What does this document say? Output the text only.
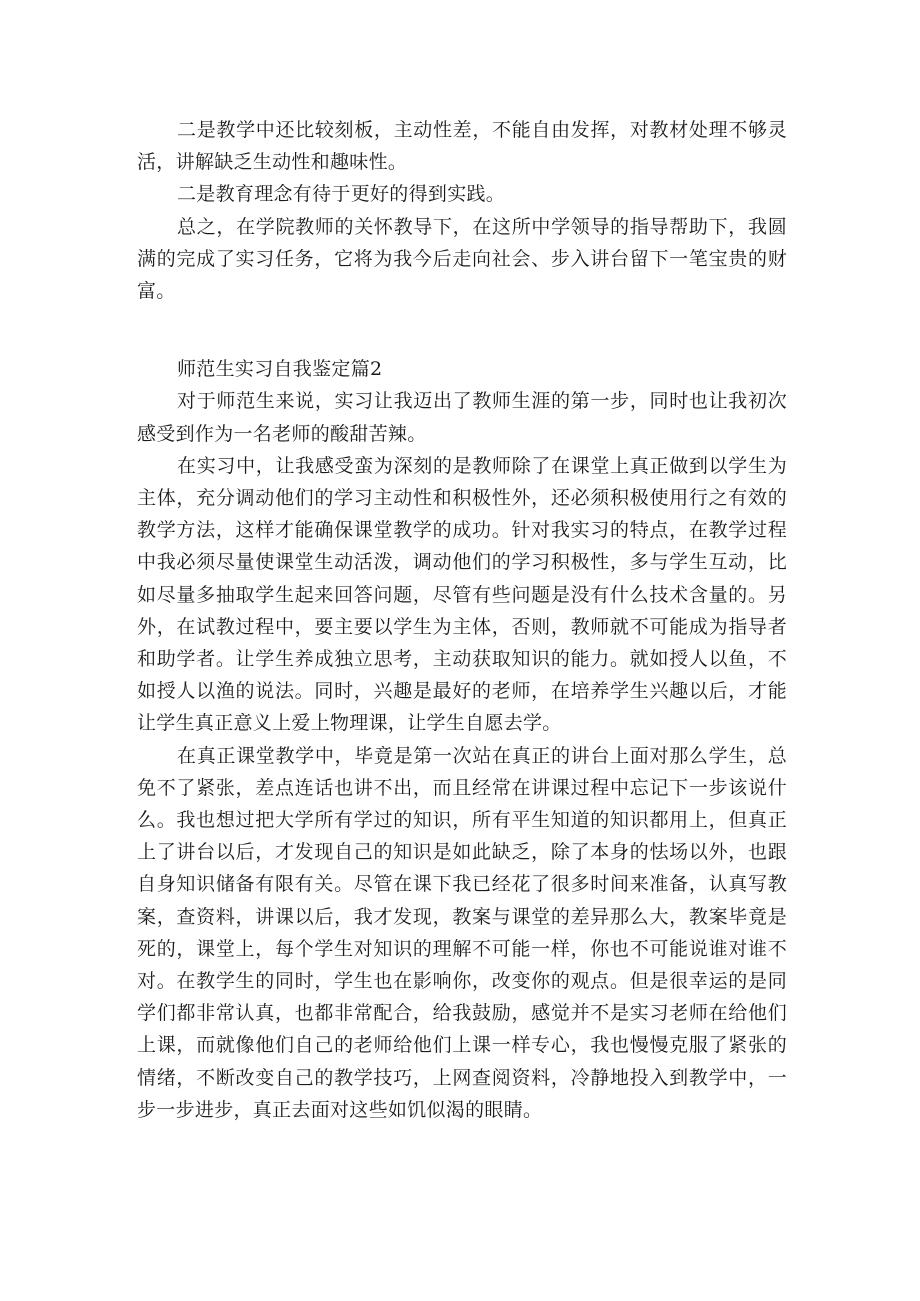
二是教学中还比较刻板，主动性差，不能自由发挥，对教材处理不够灵活，讲解缺乏生动性和趣味性。

二是教育理念有待于更好的得到实践。

总之，在学院教师的关怀教导下，在这所中学领导的指导帮助下，我圆满的完成了实习任务，它将为我今后走向社会、步入讲台留下一笔宝贵的财富。

师范生实习自我鉴定篇2

对于师范生来说，实习让我迈出了教师生涯的第一步，同时也让我初次感受到作为一名老师的酸甜苦辣。

在实习中，让我感受蛮为深刻的是教师除了在课堂上真正做到以学生为主体，充分调动他们的学习主动性和积极性外，还必须积极使用行之有效的教学方法，这样才能确保课堂教学的成功。针对我实习的特点，在教学过程中我必须尽量使课堂生动活泼，调动他们的学习积极性，多与学生互动，比如尽量多抽取学生起来回答问题，尽管有些问题是没有什么技术含量的。另外，在试教过程中，要主要以学生为主体，否则，教师就不可能成为指导者和助学者。让学生养成独立思考，主动获取知识的能力。就如授人以鱼，不如授人以渔的说法。同时，兴趣是最好的老师，在培养学生兴趣以后，才能让学生真正意义上爱上物理课，让学生自愿去学。

在真正课堂教学中，毕竟是第一次站在真正的讲台上面对那么学生，总免不了紧张，差点连话也讲不出，而且经常在讲课过程中忘记下一步该说什么。我也想过把大学所有学过的知识，所有平生知道的知识都用上，但真正上了讲台以后，才发现自己的知识是如此缺乏，除了本身的怯场以外，也跟自身知识储备有限有关。尽管在课下我已经花了很多时间来准备，认真写教案，查资料，讲课以后，我才发现，教案与课堂的差异那么大，教案毕竟是死的，课堂上，每个学生对知识的理解不可能一样，你也不可能说谁对谁不对。在教学生的同时，学生也在影响你，改变你的观点。但是很幸运的是同学们都非常认真，也都非常配合，给我鼓励，感觉并不是实习老师在给他们上课，而就像他们自己的老师给他们上课一样专心，我也慢慢克服了紧张的情绪，不断改变自己的教学技巧，上网查阅资料，冷静地投入到教学中，一步一步进步，真正去面对这些如饥似渴的眼睛。
